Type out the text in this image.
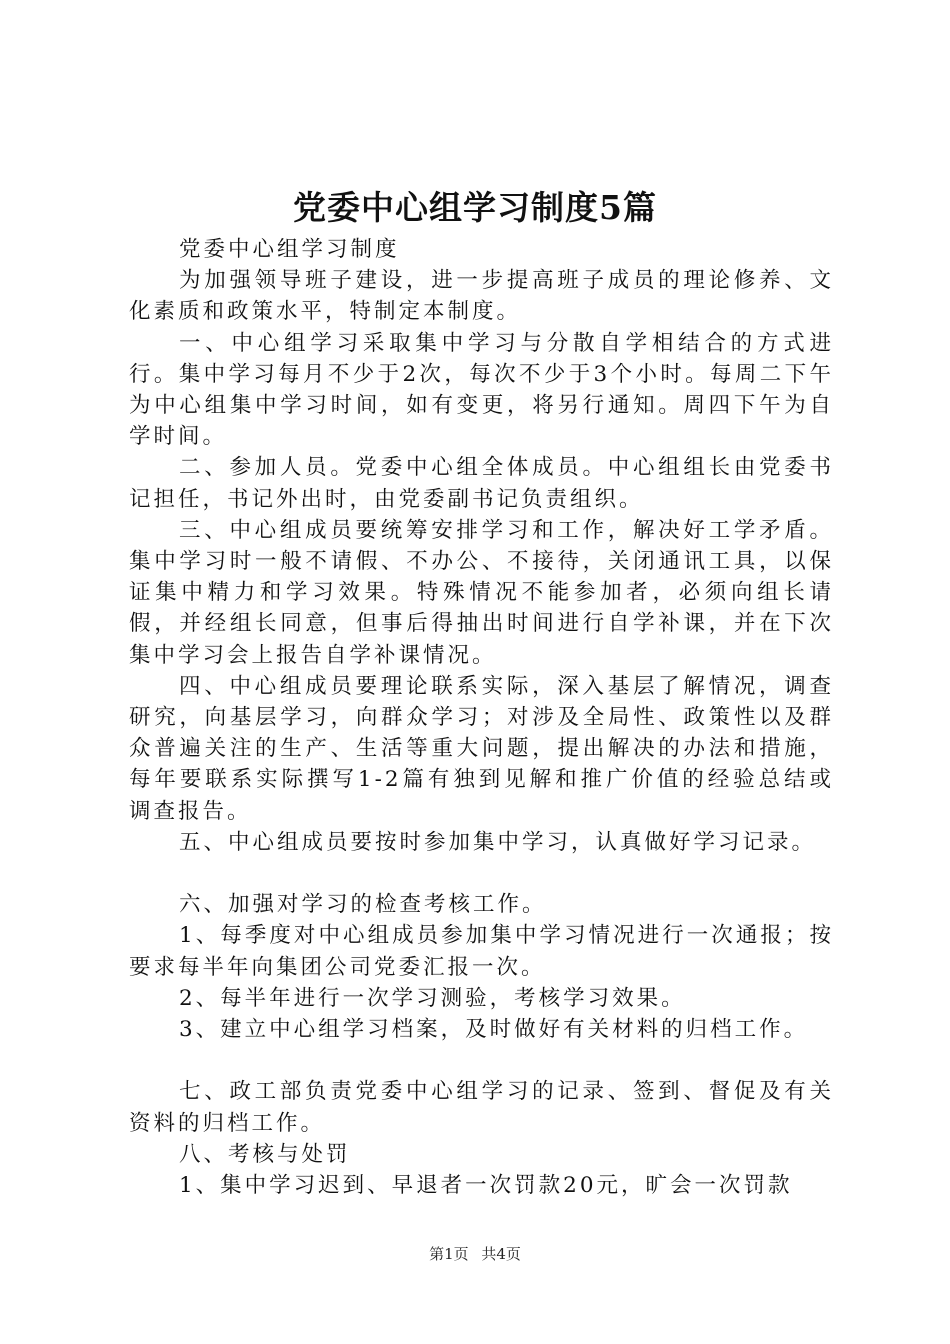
党委中心组学习制度5篇

党委中心组学习制度

为加强领导班子建设，进一步提高班子成员的理论修养、文化素质和政策水平，特制定本制度。

一、中心组学习采取集中学习与分散自学相结合的方式进行。集中学习每月不少于2次，每次不少于3个小时。每周二下午为中心组集中学习时间，如有变更，将另行通知。周四下午为自学时间。

二、参加人员。党委中心组全体成员。中心组组长由党委书记担任，书记外出时，由党委副书记负责组织。

三、中心组成员要统筹安排学习和工作，解决好工学矛盾。集中学习时一般不请假、不办公、不接待，关闭通讯工具，以保证集中精力和学习效果。特殊情况不能参加者，必须向组长请假，并经组长同意，但事后得抽出时间进行自学补课，并在下次集中学习会上报告自学补课情况。

四、中心组成员要理论联系实际，深入基层了解情况，调查研究，向基层学习，向群众学习；对涉及全局性、政策性以及群众普遍关注的生产、生活等重大问题，提出解决的办法和措施，每年要联系实际撰写1-2篇有独到见解和推广价值的经验总结或调查报告。

五、中心组成员要按时参加集中学习，认真做好学习记录。

六、加强对学习的检查考核工作。

1、每季度对中心组成员参加集中学习情况进行一次通报；按要求每半年向集团公司党委汇报一次。

2、每半年进行一次学习测验，考核学习效果。

3、建立中心组学习档案，及时做好有关材料的归档工作。

七、政工部负责党委中心组学习的记录、签到、督促及有关资料的归档工作。

八、考核与处罚

1、集中学习迟到、早退者一次罚款20元，旷会一次罚款

第1页 共4页
